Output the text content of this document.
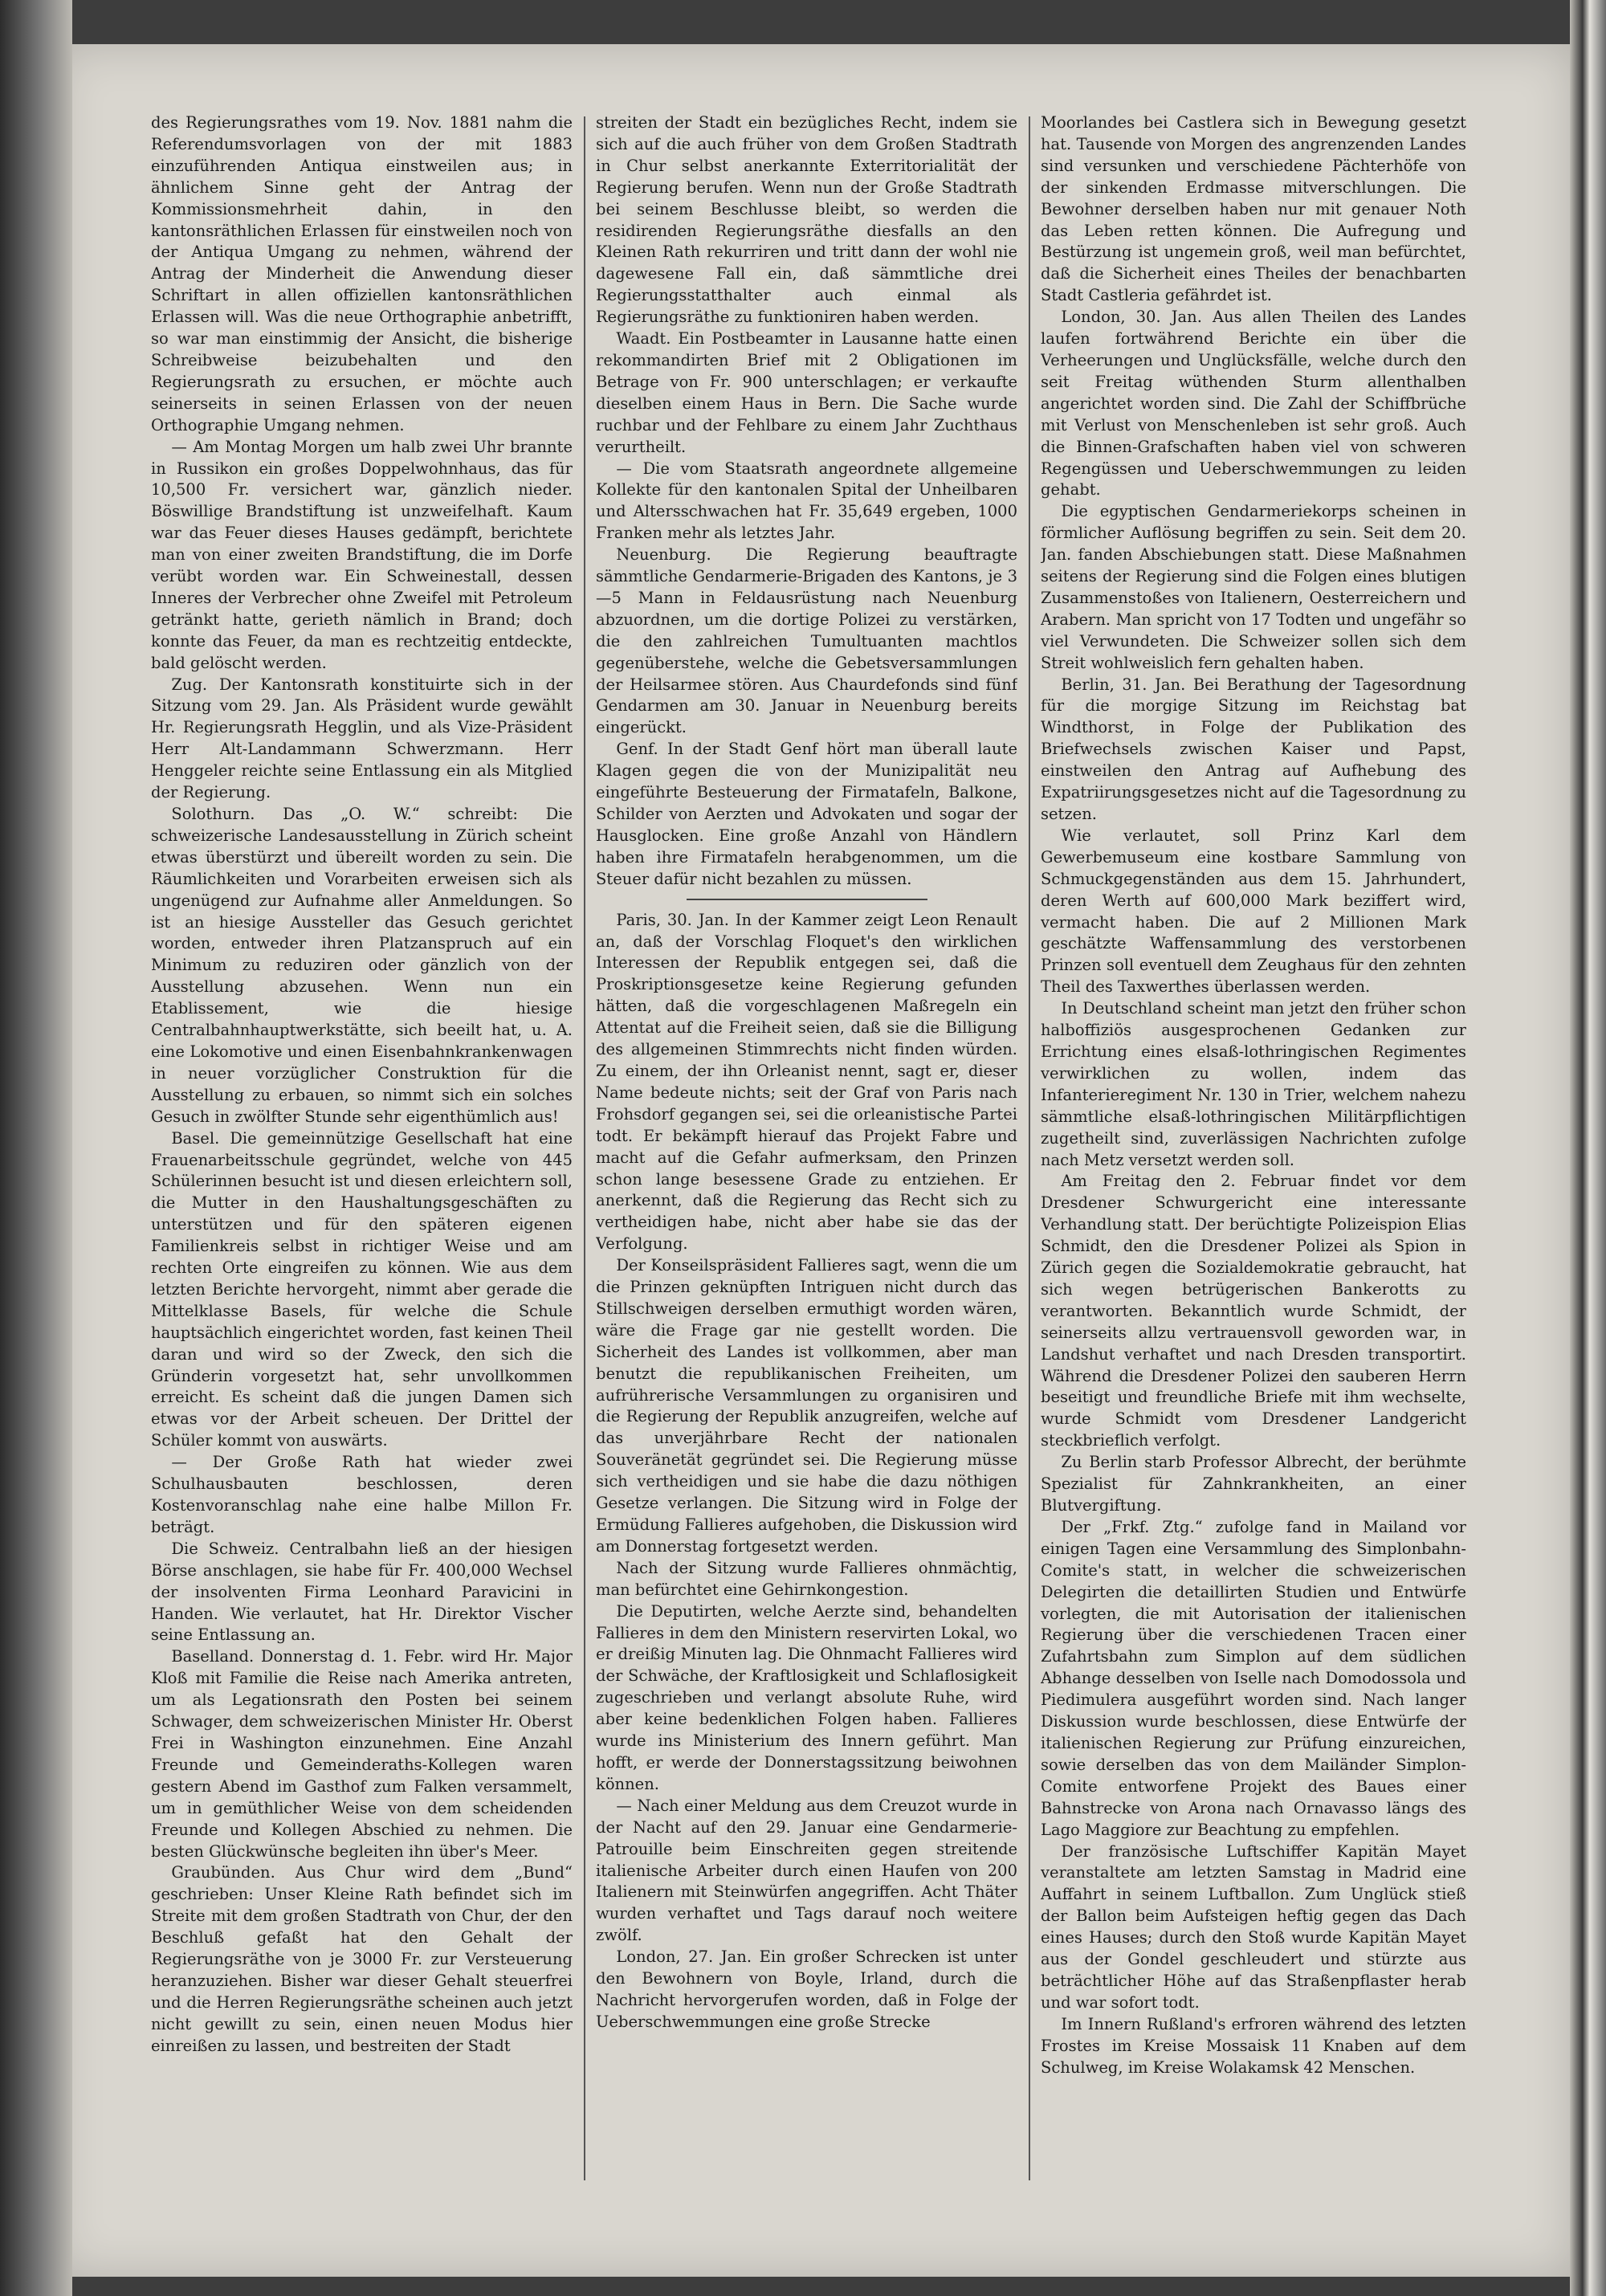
des Regierungsrathes vom 19. Nov. 1881 nahm die Referendumsvorlagen von der mit 1883 einzuführenden Antiqua einstweilen aus; in ähnlichem Sinne geht der Antrag der Kommissionsmehrheit dahin, in den kantonsräthlichen Erlassen für einstweilen noch von der Antiqua Umgang zu nehmen, während der Antrag der Minderheit die Anwendung dieser Schriftart in allen offiziellen kantonsräthlichen Erlassen will. Was die neue Orthographie anbetrifft, so war man einstimmig der Ansicht, die bisherige Schreibweise beizubehalten und den Regierungsrath zu ersuchen, er möchte auch seinerseits in seinen Erlassen von der neuen Orthographie Umgang nehmen.

— Am Montag Morgen um halb zwei Uhr brannte in Russikon ein großes Doppelwohnhaus, das für 10,500 Fr. versichert war, gänzlich nieder. Böswillige Brandstiftung ist unzweifelhaft. Kaum war das Feuer dieses Hauses gedämpft, berichtete man von einer zweiten Brandstiftung, die im Dorfe verübt worden war. Ein Schweinestall, dessen Inneres der Verbrecher ohne Zweifel mit Petroleum getränkt hatte, gerieth nämlich in Brand; doch konnte das Feuer, da man es rechtzeitig entdeckte, bald gelöscht werden.

Zug. Der Kantonsrath konstituirte sich in der Sitzung vom 29. Jan. Als Präsident wurde gewählt Hr. Regierungsrath Hegglin, und als Vize-Präsident Herr Alt-Landammann Schwerzmann. Herr Henggeler reichte seine Entlassung ein als Mitglied der Regierung.

Solothurn. Das „O. W.“ schreibt: Die schweizerische Landesausstellung in Zürich scheint etwas überstürzt und übereilt worden zu sein. Die Räumlichkeiten und Vorarbeiten erweisen sich als ungenügend zur Aufnahme aller Anmeldungen. So ist an hiesige Aussteller das Gesuch gerichtet worden, entweder ihren Platzanspruch auf ein Minimum zu reduziren oder gänzlich von der Ausstellung abzusehen. Wenn nun ein Etablissement, wie die hiesige Centralbahnhauptwerkstätte, sich beeilt hat, u. A. eine Lokomotive und einen Eisenbahnkrankenwagen in neuer vorzüglicher Construktion für die Ausstellung zu erbauen, so nimmt sich ein solches Gesuch in zwölfter Stunde sehr eigenthümlich aus!

Basel. Die gemeinnützige Gesellschaft hat eine Frauenarbeitsschule gegründet, welche von 445 Schülerinnen besucht ist und diesen erleichtern soll, die Mutter in den Haushaltungsgeschäften zu unterstützen und für den späteren eigenen Familienkreis selbst in richtiger Weise und am rechten Orte eingreifen zu können. Wie aus dem letzten Berichte hervorgeht, nimmt aber gerade die Mittelklasse Basels, für welche die Schule hauptsächlich eingerichtet worden, fast keinen Theil daran und wird so der Zweck, den sich die Gründerin vorgesetzt hat, sehr unvollkommen erreicht. Es scheint daß die jungen Damen sich etwas vor der Arbeit scheuen. Der Drittel der Schüler kommt von auswärts.

— Der Große Rath hat wieder zwei Schulhausbauten beschlossen, deren Kostenvoranschlag nahe eine halbe Millon Fr. beträgt.

Die Schweiz. Centralbahn ließ an der hiesigen Börse anschlagen, sie habe für Fr. 400,000 Wechsel der insolventen Firma Leonhard Paravicini in Handen. Wie verlautet, hat Hr. Direktor Vischer seine Entlassung an.

Baselland. Donnerstag d. 1. Febr. wird Hr. Major Kloß mit Familie die Reise nach Amerika antreten, um als Legationsrath den Posten bei seinem Schwager, dem schweizerischen Minister Hr. Oberst Frei in Washington einzunehmen. Eine Anzahl Freunde und Gemeinderaths-Kollegen waren gestern Abend im Gasthof zum Falken versammelt, um in gemüthlicher Weise von dem scheidenden Freunde und Kollegen Abschied zu nehmen. Die besten Glückwünsche begleiten ihn über's Meer.

Graubünden. Aus Chur wird dem „Bund“ geschrieben: Unser Kleine Rath befindet sich im Streite mit dem großen Stadtrath von Chur, der den Beschluß gefaßt hat den Gehalt der Regierungsräthe von je 3000 Fr. zur Versteuerung heranzuziehen. Bisher war dieser Gehalt steuerfrei und die Herren Regierungsräthe scheinen auch jetzt nicht gewillt zu sein, einen neuen Modus hier einreißen zu lassen, und bestreiten der Stadt

streiten der Stadt ein bezügliches Recht, indem sie sich auf die auch früher von dem Großen Stadtrath in Chur selbst anerkannte Exterritorialität der Regierung berufen. Wenn nun der Große Stadtrath bei seinem Beschlusse bleibt, so werden die residirenden Regierungsräthe diesfalls an den Kleinen Rath rekurriren und tritt dann der wohl nie dagewesene Fall ein, daß sämmtliche drei Regierungsstatthalter auch einmal als Regierungsräthe zu funktioniren haben werden.

Waadt. Ein Postbeamter in Lausanne hatte einen rekommandirten Brief mit 2 Obligationen im Betrage von Fr. 900 unterschlagen; er verkaufte dieselben einem Haus in Bern. Die Sache wurde ruchbar und der Fehlbare zu einem Jahr Zuchthaus verurtheilt.

— Die vom Staatsrath angeordnete allgemeine Kollekte für den kantonalen Spital der Unheilbaren und Altersschwachen hat Fr. 35,649 ergeben, 1000 Franken mehr als letztes Jahr.

Neuenburg. Die Regierung beauftragte sämmtliche Gendarmerie-Brigaden des Kantons, je 3—5 Mann in Feldausrüstung nach Neuenburg abzuordnen, um die dortige Polizei zu verstärken, die den zahlreichen Tumultuanten machtlos gegenüberstehe, welche die Gebetsversammlungen der Heilsarmee stören. Aus Chaurdefonds sind fünf Gendarmen am 30. Januar in Neuenburg bereits eingerückt.

Genf. In der Stadt Genf hört man überall laute Klagen gegen die von der Munizipalität neu eingeführte Besteuerung der Firmatafeln, Balkone, Schilder von Aerzten und Advokaten und sogar der Hausglocken. Eine große Anzahl von Händlern haben ihre Firmatafeln herabgenommen, um die Steuer dafür nicht bezahlen zu müssen.

Paris, 30. Jan. In der Kammer zeigt Leon Renault an, daß der Vorschlag Floquet's den wirklichen Interessen der Republik entgegen sei, daß die Proskriptionsgesetze keine Regierung gefunden hätten, daß die vorgeschlagenen Maßregeln ein Attentat auf die Freiheit seien, daß sie die Billigung des allgemeinen Stimmrechts nicht finden würden. Zu einem, der ihn Orleanist nennt, sagt er, dieser Name bedeute nichts; seit der Graf von Paris nach Frohsdorf gegangen sei, sei die orleanistische Partei todt. Er bekämpft hierauf das Projekt Fabre und macht auf die Gefahr aufmerksam, den Prinzen schon lange besessene Grade zu entziehen. Er anerkennt, daß die Regierung das Recht sich zu vertheidigen habe, nicht aber habe sie das der Verfolgung.

Der Konseilspräsident Fallieres sagt, wenn die um die Prinzen geknüpften Intriguen nicht durch das Stillschweigen derselben ermuthigt worden wären, wäre die Frage gar nie gestellt worden. Die Sicherheit des Landes ist vollkommen, aber man benutzt die republikanischen Freiheiten, um aufrührerische Versammlungen zu organisiren und die Regierung der Republik anzugreifen, welche auf das unverjährbare Recht der nationalen Souveränetät gegründet sei. Die Regierung müsse sich vertheidigen und sie habe die dazu nöthigen Gesetze verlangen. Die Sitzung wird in Folge der Ermüdung Fallieres aufgehoben, die Diskussion wird am Donnerstag fortgesetzt werden.

Nach der Sitzung wurde Fallieres ohnmächtig, man befürchtet eine Gehirnkongestion.

Die Deputirten, welche Aerzte sind, behandelten Fallieres in dem den Ministern reservirten Lokal, wo er dreißig Minuten lag. Die Ohnmacht Fallieres wird der Schwäche, der Kraftlosigkeit und Schlaflosigkeit zugeschrieben und verlangt absolute Ruhe, wird aber keine bedenklichen Folgen haben. Fallieres wurde ins Ministerium des Innern geführt. Man hofft, er werde der Donnerstagssitzung beiwohnen können.

— Nach einer Meldung aus dem Creuzot wurde in der Nacht auf den 29. Januar eine Gendarmerie-Patrouille beim Einschreiten gegen streitende italienische Arbeiter durch einen Haufen von 200 Italienern mit Steinwürfen angegriffen. Acht Thäter wurden verhaftet und Tags darauf noch weitere zwölf.

London, 27. Jan. Ein großer Schrecken ist unter den Bewohnern von Boyle, Irland, durch die Nachricht hervorgerufen worden, daß in Folge der Ueberschwemmungen eine große Strecke

Moorlandes bei Castlera sich in Bewegung gesetzt hat. Tausende von Morgen des angrenzenden Landes sind versunken und verschiedene Pächterhöfe von der sinkenden Erdmasse mitverschlungen. Die Bewohner derselben haben nur mit genauer Noth das Leben retten können. Die Aufregung und Bestürzung ist ungemein groß, weil man befürchtet, daß die Sicherheit eines Theiles der benachbarten Stadt Castleria gefährdet ist.

London, 30. Jan. Aus allen Theilen des Landes laufen fortwährend Berichte ein über die Verheerungen und Unglücksfälle, welche durch den seit Freitag wüthenden Sturm allenthalben angerichtet worden sind. Die Zahl der Schiffbrüche mit Verlust von Menschenleben ist sehr groß. Auch die Binnen-Grafschaften haben viel von schweren Regengüssen und Ueberschwemmungen zu leiden gehabt.

Die egyptischen Gendarmeriekorps scheinen in förmlicher Auflösung begriffen zu sein. Seit dem 20. Jan. fanden Abschiebungen statt. Diese Maßnahmen seitens der Regierung sind die Folgen eines blutigen Zusammenstoßes von Italienern, Oesterreichern und Arabern. Man spricht von 17 Todten und ungefähr so viel Verwundeten. Die Schweizer sollen sich dem Streit wohlweislich fern gehalten haben.

Berlin, 31. Jan. Bei Berathung der Tagesordnung für die morgige Sitzung im Reichstag bat Windthorst, in Folge der Publikation des Briefwechsels zwischen Kaiser und Papst, einstweilen den Antrag auf Aufhebung des Expatriirungsgesetzes nicht auf die Tagesordnung zu setzen.

Wie verlautet, soll Prinz Karl dem Gewerbemuseum eine kostbare Sammlung von Schmuckgegenständen aus dem 15. Jahrhundert, deren Werth auf 600,000 Mark beziffert wird, vermacht haben. Die auf 2 Millionen Mark geschätzte Waffensammlung des verstorbenen Prinzen soll eventuell dem Zeughaus für den zehnten Theil des Taxwerthes überlassen werden.

In Deutschland scheint man jetzt den früher schon halboffiziös ausgesprochenen Gedanken zur Errichtung eines elsaß-lothringischen Regimentes verwirklichen zu wollen, indem das Infanterieregiment Nr. 130 in Trier, welchem nahezu sämmtliche elsaß-lothringischen Militärpflichtigen zugetheilt sind, zuverlässigen Nachrichten zufolge nach Metz versetzt werden soll.

Am Freitag den 2. Februar findet vor dem Dresdener Schwurgericht eine interessante Verhandlung statt. Der berüchtigte Polizeispion Elias Schmidt, den die Dresdener Polizei als Spion in Zürich gegen die Sozialdemokratie gebraucht, hat sich wegen betrügerischen Bankerotts zu verantworten. Bekanntlich wurde Schmidt, der seinerseits allzu vertrauensvoll geworden war, in Landshut verhaftet und nach Dresden transportirt. Während die Dresdener Polizei den sauberen Herrn beseitigt und freundliche Briefe mit ihm wechselte, wurde Schmidt vom Dresdener Landgericht steckbrieflich verfolgt.

Zu Berlin starb Professor Albrecht, der berühmte Spezialist für Zahnkrankheiten, an einer Blutvergiftung.

Der „Frkf. Ztg.“ zufolge fand in Mailand vor einigen Tagen eine Versammlung des Simplonbahn-Comite's statt, in welcher die schweizerischen Delegirten die detaillirten Studien und Entwürfe vorlegten, die mit Autorisation der italienischen Regierung über die verschiedenen Tracen einer Zufahrtsbahn zum Simplon auf dem südlichen Abhange desselben von Iselle nach Domodossola und Piedimulera ausgeführt worden sind. Nach langer Diskussion wurde beschlossen, diese Entwürfe der italienischen Regierung zur Prüfung einzureichen, sowie derselben das von dem Mailänder Simplon-Comite entworfene Projekt des Baues einer Bahnstrecke von Arona nach Ornavasso längs des Lago Maggiore zur Beachtung zu empfehlen.

Der französische Luftschiffer Kapitän Mayet veranstaltete am letzten Samstag in Madrid eine Auffahrt in seinem Luftballon. Zum Unglück stieß der Ballon beim Aufsteigen heftig gegen das Dach eines Hauses; durch den Stoß wurde Kapitän Mayet aus der Gondel geschleudert und stürzte aus beträchtlicher Höhe auf das Straßenpflaster herab und war sofort todt.

Im Innern Rußland's erfroren während des letzten Frostes im Kreise Mossaisk 11 Knaben auf dem Schulweg, im Kreise Wolakamsk 42 Menschen.
